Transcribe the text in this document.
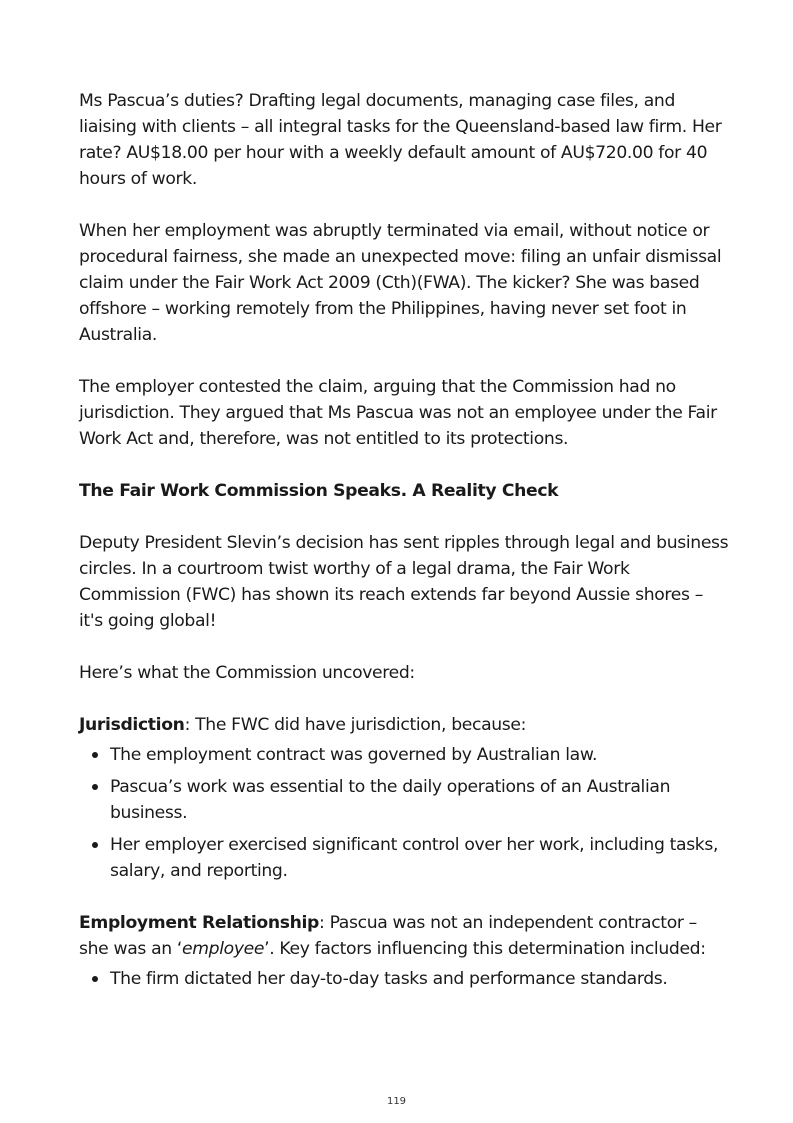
Ms Pascua’s duties? Drafting legal documents, managing case files, and liaising with clients – all integral tasks for the Queensland-based law firm. Her rate? AU$18.00 per hour with a weekly default amount of AU$720.00 for 40 hours of work.

When her employment was abruptly terminated via email, without notice or procedural fairness, she made an unexpected move: filing an unfair dismissal claim under the Fair Work Act 2009 (Cth)(FWA). The kicker? She was based offshore – working remotely from the Philippines, having never set foot in Australia.

The employer contested the claim, arguing that the Commission had no jurisdiction. They argued that Ms Pascua was not an employee under the Fair Work Act and, therefore, was not entitled to its protections.

The Fair Work Commission Speaks. A Reality Check

Deputy President Slevin’s decision has sent ripples through legal and business circles. In a courtroom twist worthy of a legal drama, the Fair Work Commission (FWC) has shown its reach extends far beyond Aussie shores – it's going global!

Here’s what the Commission uncovered:

Jurisdiction: The FWC did have jurisdiction, because:

The employment contract was governed by Australian law.
Pascua’s work was essential to the daily operations of an Australian business.
Her employer exercised significant control over her work, including tasks, salary, and reporting.

Employment Relationship: Pascua was not an independent contractor – she was an ‘employee’. Key factors influencing this determination included:

The firm dictated her day-to-day tasks and performance standards.
119
